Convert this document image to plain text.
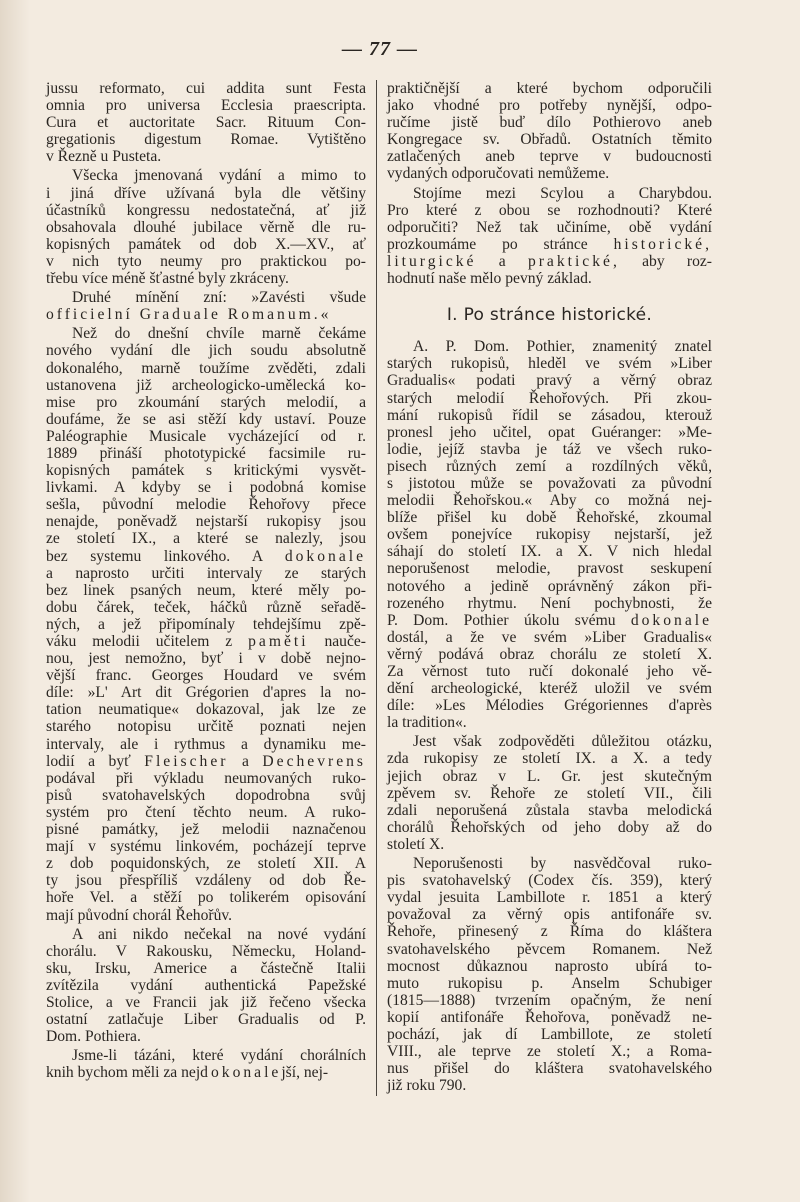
— 77 —
jussu reformato, cui addita sunt Festa
omnia pro universa Ecclesia praescripta.
Cura et auctoritate Sacr. Rituum Con-
gregationis digestum Romae. Vytištěno
v Řezně u Pusteta.
Všecka jmenovaná vydání a mimo to
i jiná dříve užívaná byla dle většiny
účastníků kongressu nedostatečná, ať již
obsahovala dlouhé jubilace věrně dle ru-
kopisných památek od dob X.—XV., ať
v nich tyto neumy pro praktickou po-
třebu více méně šťastné byly zkráceny.
Druhé mínění zní: »Zavésti všude
officielní Graduale Romanum.«
Než do dnešní chvíle marně čekáme
nového vydání dle jich soudu absolutně
dokonalého, marně toužíme zvěděti, zdali
ustanovena již archeologicko-umělecká ko-
mise pro zkoumání starých melodií, a
doufáme, že se asi stěží kdy ustaví. Pouze
Paléographie Musicale vycházející od r.
1889 přináší phototypické facsimile ru-
kopisných památek s kritickými vysvět-
livkami. A kdyby se i podobná komise
sešla, původní melodie Řehořovy přece
nenajde, poněvadž nejstarší rukopisy jsou
ze století IX., a které se nalezly, jsou
bez systemu linkového. A dokonale
a naprosto určiti intervaly ze starých
bez linek psaných neum, které měly po-
dobu čárek, teček, háčků různě seřadě-
ných, a jež připomínaly tehdejšímu zpě-
váku melodii učitelem z paměti nauče-
nou, jest nemožno, byť i v době nejno-
vější franc. Georges Houdard ve svém
díle: »L' Art dit Grégorien d'apres la no-
tation neumatique« dokazoval, jak lze ze
starého notopisu určitě poznati nejen
intervaly, ale i rythmus a dynamiku me-
lodií a byť Fleischer a Dechevrens
podával při výkladu neumovaných ruko-
pisů svatohavelských dopodrobna svůj
systém pro čtení těchto neum. A ruko-
pisné památky, jež melodii naznačenou
mají v systému linkovém, pocházejí teprve
z dob poquidonských, ze století XII. A
ty jsou přespříliš vzdáleny od dob Ře-
hoře Vel. a stěží po tolikerém opisování
mají původní chorál Řehořův.
A ani nikdo nečekal na nové vydání
chorálu. V Rakousku, Německu, Holand-
sku, Irsku, Americe a částečně Italii
zvítězila vydání authentická Papežské
Stolice, a ve Francii jak již řečeno všecka
ostatní zatlačuje Liber Gradualis od P.
Dom. Pothiera.
Jsme-li tázáni, které vydání chorálních
knih bychom měli za nejdokonalejší, nej-
praktičnější a které bychom odporučili
jako vhodné pro potřeby nynější, odpo-
ručíme jistě buď dílo Pothierovo aneb
Kongregace sv. Obřadů. Ostatních těmito
zatlačených aneb teprve v budoucnosti
vydaných odporučovati nemůžeme.
Stojíme mezi Scylou a Charybdou.
Pro které z obou se rozhodnouti? Které
odporučiti? Než tak učiníme, obě vydání
prozkoumáme po stránce historické,
liturgické a praktické, aby roz-
hodnutí naše mělo pevný základ.
I. Po stránce historické.
A. P. Dom. Pothier, znamenitý znatel
starých rukopisů, hleděl ve svém »Liber
Gradualis« podati pravý a věrný obraz
starých melodií Řehořových. Při zkou-
mání rukopisů řídil se zásadou, kterouž
pronesl jeho učitel, opat Guéranger: »Me-
lodie, jejíž stavba je táž ve všech ruko-
pisech různých zemí a rozdílných věků,
s jistotou může se považovati za původní
melodii Řehořskou.« Aby co možná nej-
blíže přišel ku době Řehořské, zkoumal
ovšem ponejvíce rukopisy nejstarší, jež
sáhají do století IX. a X. V nich hledal
neporušenost melodie, pravost seskupení
notového a jedině oprávněný zákon při-
rozeného rhytmu. Není pochybnosti, že
P. Dom. Pothier úkolu svému dokonale
dostál, a že ve svém »Liber Gradualis«
věrný podává obraz chorálu ze století X.
Za věrnost tuto ručí dokonalé jeho vě-
dění archeologické, kteréž uložil ve svém
díle: »Les Mélodies Grégoriennes d'après
la tradition«.
Jest však zodpověděti důležitou otázku,
zda rukopisy ze století IX. a X. a tedy
jejich obraz v L. Gr. jest skutečným
zpěvem sv. Řehoře ze století VII., čili
zdali neporušená zůstala stavba melodická
chorálů Řehořských od jeho doby až do
století X.
Neporušenosti by nasvědčoval ruko-
pis svatohavelský (Codex čís. 359), který
vydal jesuita Lambillote r. 1851 a který
považoval za věrný opis antifonáře sv.
Řehoře, přinesený z Říma do kláštera
svatohavelského pěvcem Romanem. Než
mocnost důkaznou naprosto ubírá to-
muto rukopisu p. Anselm Schubiger
(1815—1888) tvrzením opačným, že není
kopií antifonáře Řehořova, poněvadž ne-
pochází, jak dí Lambillote, ze století
VIII., ale teprve ze století X.; a Roma-
nus přišel do kláštera svatohavelského
již roku 790.
